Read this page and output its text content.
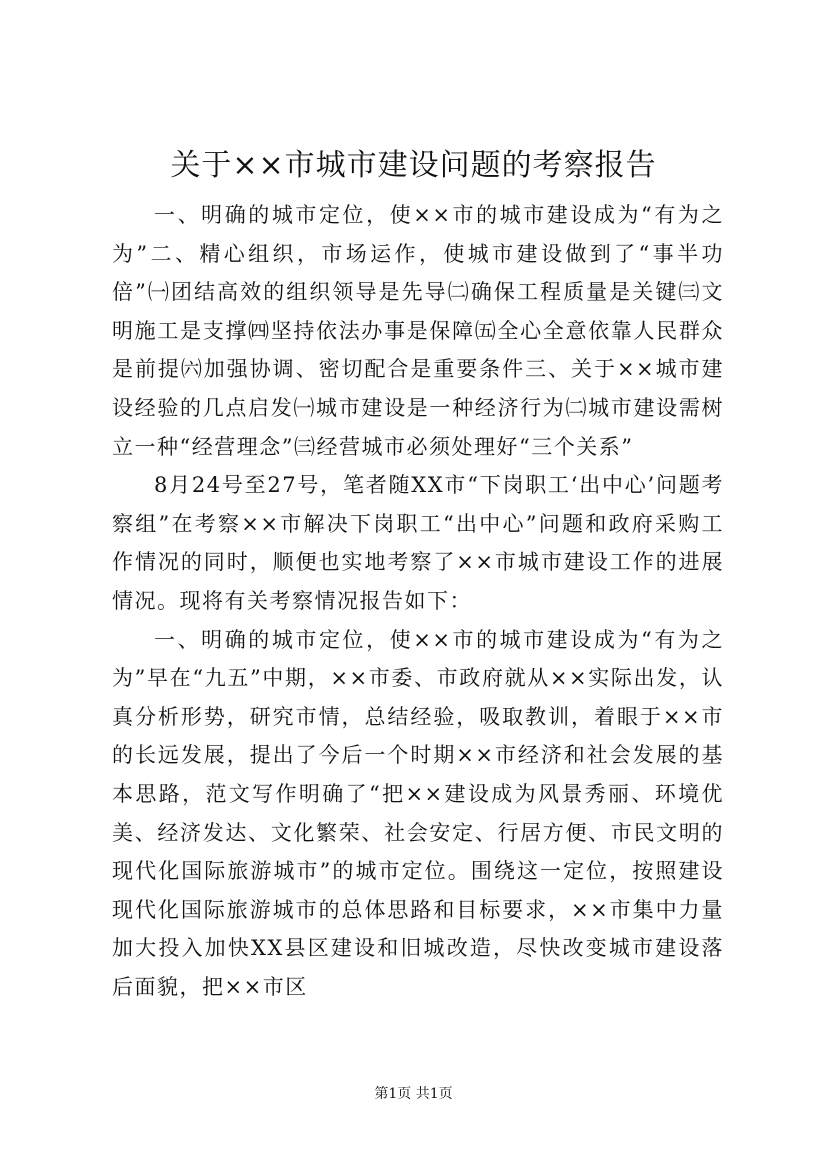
关于××市城市建设问题的考察报告

一、明确的城市定位，使××市的城市建设成为“有为之为”二、精心组织，市场运作，使城市建设做到了“事半功倍”㈠团结高效的组织领导是先导㈡确保工程质量是关键㈢文明施工是支撑㈣坚持依法办事是保障㈤全心全意依靠人民群众是前提㈥加强协调、密切配合是重要条件三、关于××城市建设经验的几点启发㈠城市建设是一种经济行为㈡城市建设需树立一种“经营理念”㈢经营城市必须处理好“三个关系”

8月24号至27号，笔者随XX市“下岗职工‘出中心’问题考察组”在考察××市解决下岗职工“出中心”问题和政府采购工作情况的同时，顺便也实地考察了××市城市建设工作的进展情况。现将有关考察情况报告如下：

一、明确的城市定位，使××市的城市建设成为“有为之为”早在“九五”中期，××市委、市政府就从××实际出发，认真分析形势，研究市情，总结经验，吸取教训，着眼于××市的长远发展，提出了今后一个时期××市经济和社会发展的基本思路，范文写作明确了“把××建设成为风景秀丽、环境优美、经济发达、文化繁荣、社会安定、行居方便、市民文明的现代化国际旅游城市”的城市定位。围绕这一定位，按照建设现代化国际旅游城市的总体思路和目标要求，××市集中力量加大投入加快XX县区建设和旧城改造，尽快改变城市建设落后面貌，把××市区

第1页 共1页
